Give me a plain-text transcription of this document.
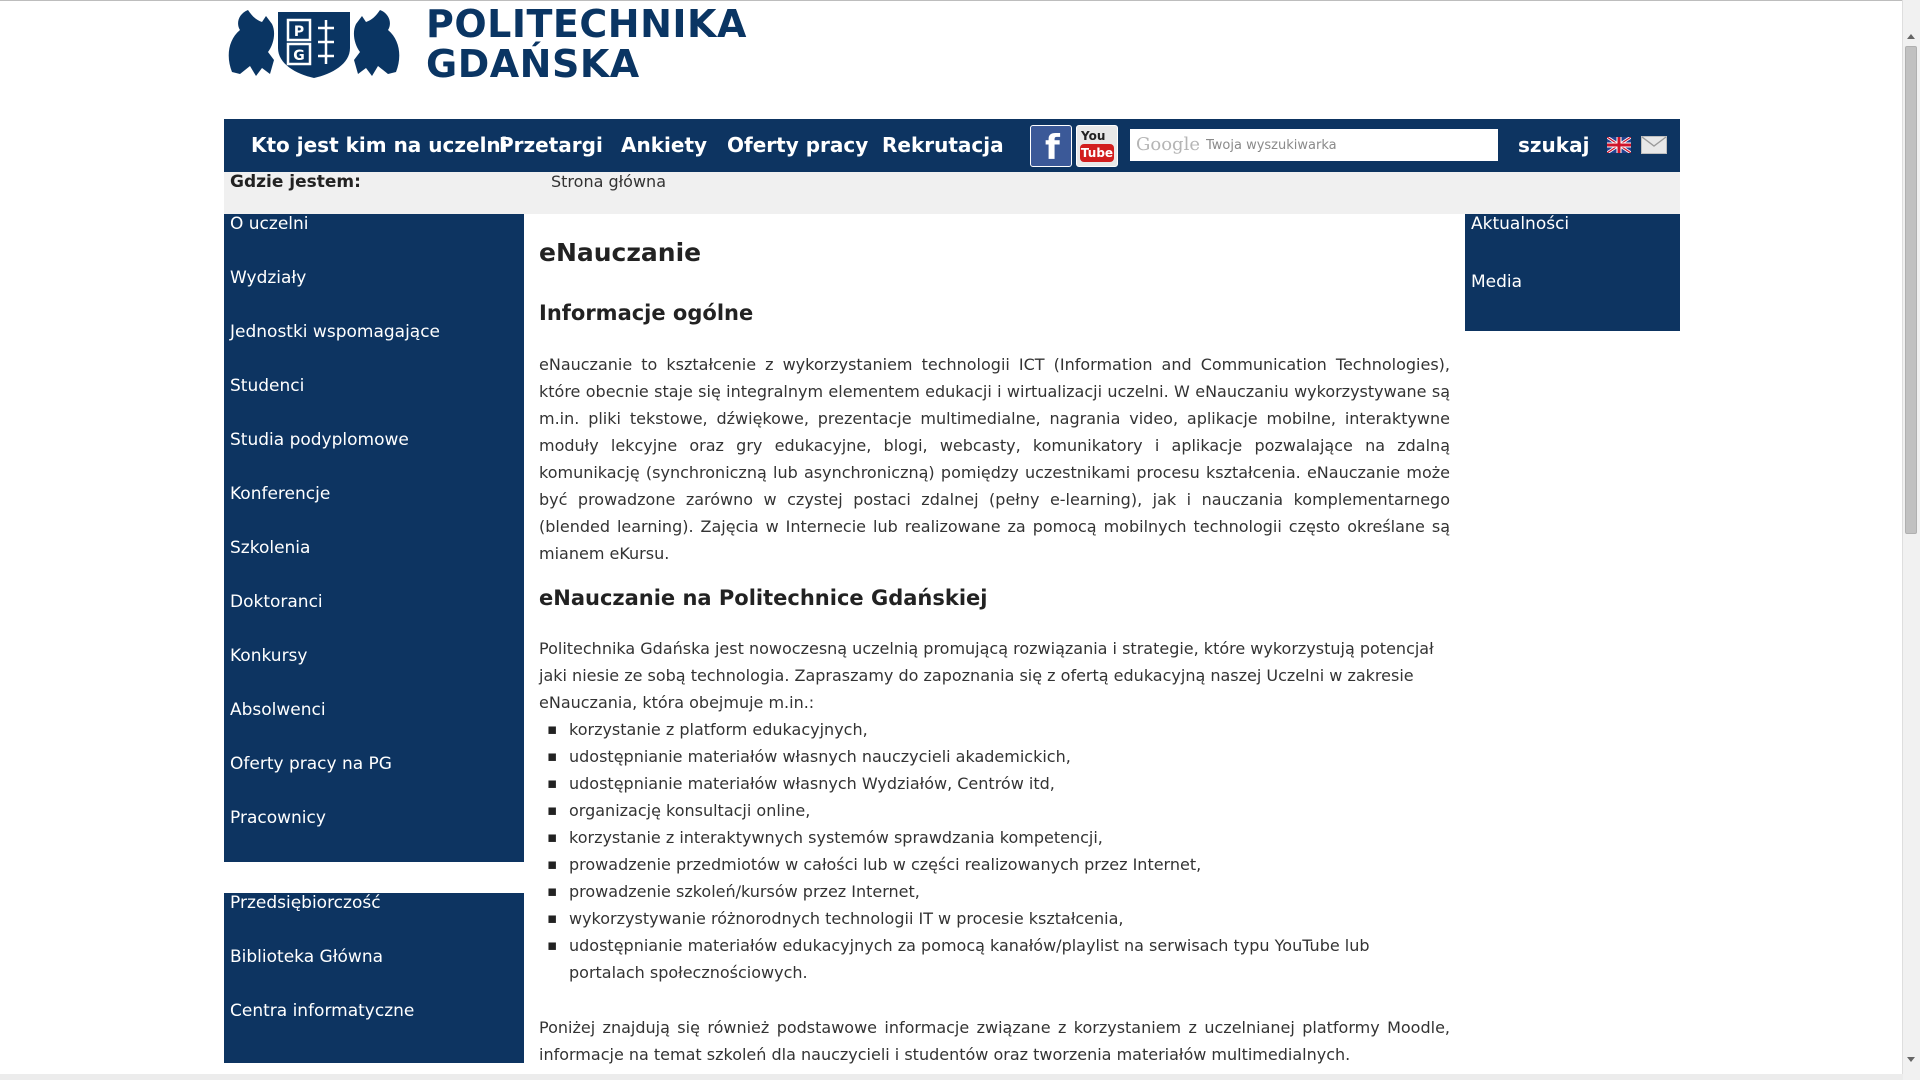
P
G
POLITECHNIKA
GDAŃSKA
Kto jest kim na uczelni
Przetargi Ankiety Oferty pracy Rekrutacja f You
Tube Google
Twoja wyszukiwarka	szukaj
Gdzie jestem:	Strona główna
O uczelni
Wydziały
Jednostki wspomagające
Studenci
Studia podyplomowe
Konferencje
Szkolenia
Doktoranci
Konkursy
Absolwenci
Oferty pracy na PG
Pracownicy
Przedsiębiorczość
Biblioteka Główna
Centra informatyczne
Aktualności
Media
eNauczanie
Informacje ogólne

eNauczanie to kształcenie z wykorzystaniem technologii ICT (Information and Communication Technologies), które obecnie staje się integralnym elementem edukacji i wirtualizacji uczelni. W eNauczaniu wykorzystywane są m.in. pliki tekstowe, dźwiękowe, prezentacje multimedialne, nagrania video, aplikacje mobilne, interaktywne moduły lekcyjne oraz gry edukacyjne, blogi, webcasty, komunikatory i aplikacje pozwalające na zdalną komunikację (synchroniczną lub asynchroniczną) pomiędzy uczestnikami procesu kształcenia. eNauczanie może być prowadzone zarówno w czystej postaci zdalnej (pełny e-learning), jak i nauczania komplementarnego (blended learning). Zajęcia w Internecie lub realizowane za pomocą mobilnych technologii często określane są mianem eKursu.

eNauczanie na Politechnice Gdańskiej

Politechnika Gdańska jest nowoczesną uczelnią promującą rozwiązania i strategie, które wykorzystują potencjał jaki niesie ze sobą technologia. Zapraszamy do zapoznania się z ofertą edukacyjną naszej Uczelni w zakresie eNauczania, która obejmuje m.in.:

▪ korzystanie z platform edukacyjnych,
▪ udostępnianie materiałów własnych nauczycieli akademickich,
▪ udostępnianie materiałów własnych Wydziałów, Centrów itd,
▪ organizację konsultacji online,
▪ korzystanie z interaktywnych systemów sprawdzania kompetencji,
▪ prowadzenie przedmiotów w całości lub w części realizowanych przez Internet,
▪ prowadzenie szkoleń/kursów przez Internet,
▪ wykorzystywanie różnorodnych technologii IT w procesie kształcenia,
▪ udostępnianie materiałów edukacyjnych za pomocą kanałów/playlist na serwisach typu YouTube lub portalach społecznościowych.

Poniżej znajdują się również podstawowe informacje związane z korzystaniem z uczelnianej platformy Moodle, informacje na temat szkoleń dla nauczycieli i studentów oraz tworzenia materiałów multimedialnych.
